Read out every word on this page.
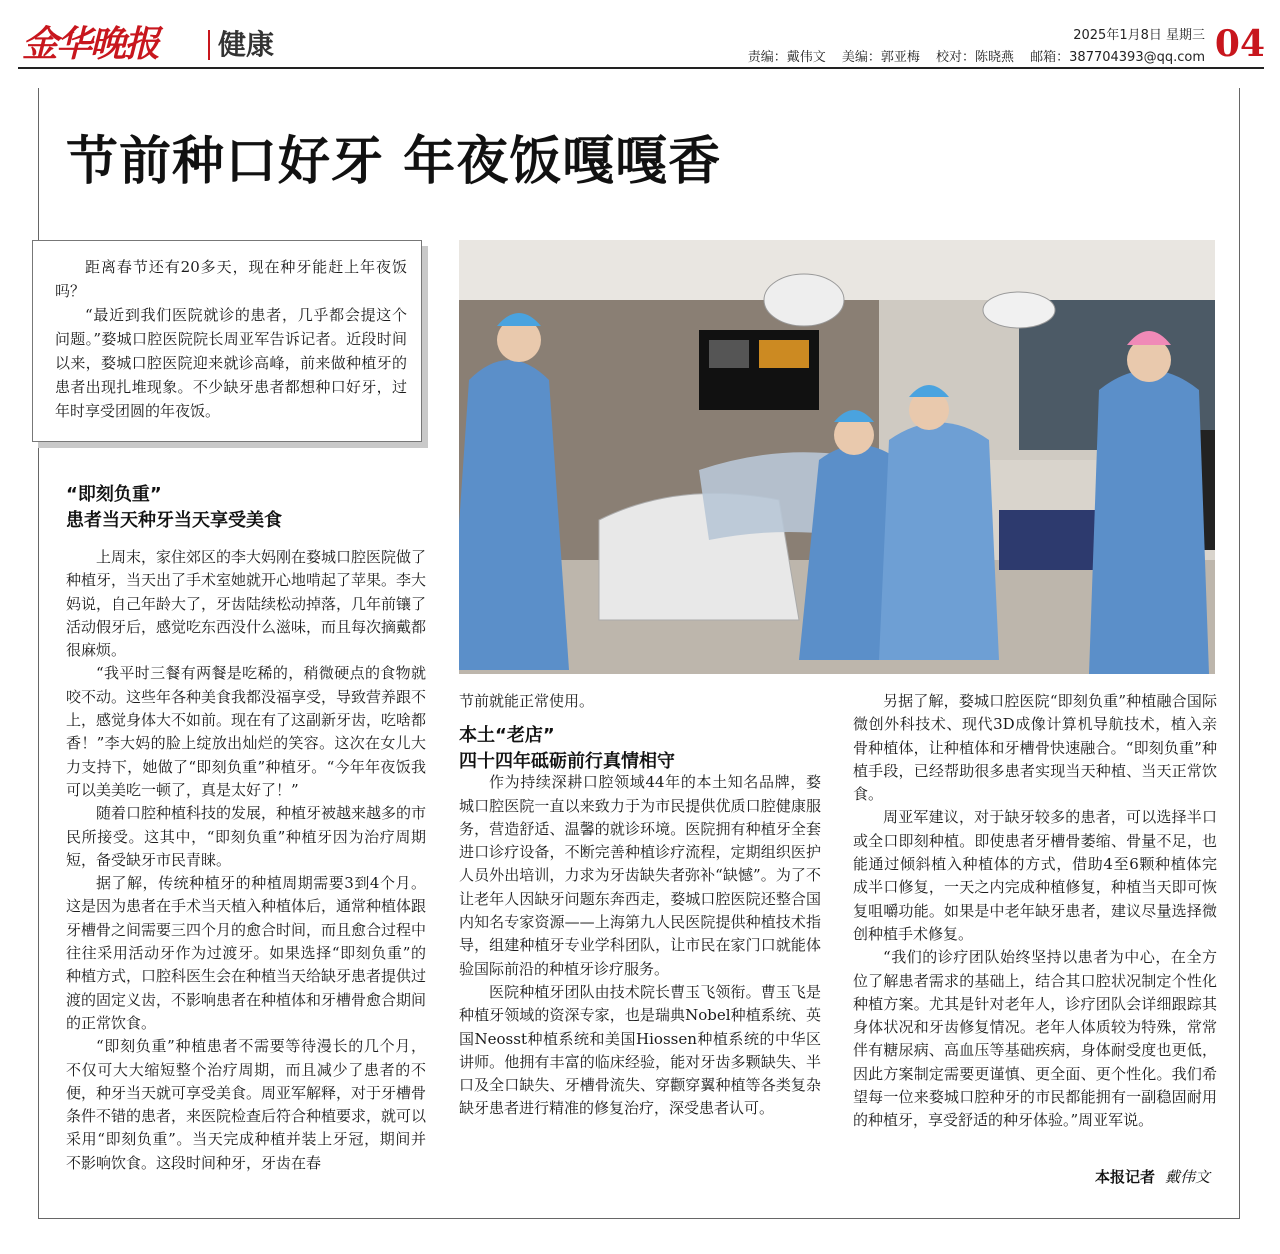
金华晚报 健康	2025年1月8日 星期三
责编：戴伟文 美编：郭亚梅 校对：陈晓燕 邮箱：387704393@qq.com 04
节前种口好牙 年夜饭嘎嘎香

距离春节还有20多天，现在种牙能赶上年夜饭吗？

“最近到我们医院就诊的患者，几乎都会提这个问题。”婺城口腔医院院长周亚军告诉记者。近段时间以来，婺城口腔医院迎来就诊高峰，前来做种植牙的患者出现扎堆现象。不少缺牙患者都想种口好牙，过年时享受团圆的年夜饭。

“即刻负重”
患者当天种牙当天享受美食

上周末，家住郊区的李大妈刚在婺城口腔医院做了种植牙，当天出了手术室她就开心地啃起了苹果。李大妈说，自己年龄大了，牙齿陆续松动掉落，几年前镶了活动假牙后，感觉吃东西没什么滋味，而且每次摘戴都很麻烦。

“我平时三餐有两餐是吃稀的，稍微硬点的食物就咬不动。这些年各种美食我都没福享受，导致营养跟不上，感觉身体大不如前。现在有了这副新牙齿，吃啥都香！”李大妈的脸上绽放出灿烂的笑容。这次在女儿大力支持下，她做了“即刻负重”种植牙。“今年年夜饭我可以美美吃一顿了，真是太好了！”

随着口腔种植科技的发展，种植牙被越来越多的市民所接受。这其中，“即刻负重”种植牙因为治疗周期短，备受缺牙市民青睐。

据了解，传统种植牙的种植周期需要3到4个月。这是因为患者在手术当天植入种植体后，通常种植体跟牙槽骨之间需要三四个月的愈合时间，而且愈合过程中往往采用活动牙作为过渡牙。如果选择“即刻负重”的种植方式，口腔科医生会在种植当天给缺牙患者提供过渡的固定义齿，不影响患者在种植体和牙槽骨愈合期间的正常饮食。

“即刻负重”种植患者不需要等待漫长的几个月，不仅可大大缩短整个治疗周期，而且减少了患者的不便，种牙当天就可享受美食。周亚军解释，对于牙槽骨条件不错的患者，来医院检查后符合种植要求，就可以采用“即刻负重”。当天完成种植并装上牙冠，期间并不影响饮食。这段时间种牙，牙齿在春

节前就能正常使用。

作为持续深耕口腔领域44年的本土知名品牌，婺城口腔医院一直以来致力于为市民提供优质口腔健康服务，营造舒适、温馨的就诊环境。医院拥有种植牙全套进口诊疗设备，不断完善种植诊疗流程，定期组织医护人员外出培训，力求为牙齿缺失者弥补“缺憾”。为了不让老年人因缺牙问题东奔西走，婺城口腔医院还整合国内知名专家资源——上海第九人民医院提供种植技术指导，组建种植牙专业学科团队，让市民在家门口就能体验国际前沿的种植牙诊疗服务。

医院种植牙团队由技术院长曹玉飞领衔。曹玉飞是种植牙领域的资深专家，也是瑞典Nobel种植系统、英国Neosst种植系统和美国Hiossen种植系统的中华区讲师。他拥有丰富的临床经验，能对牙齿多颗缺失、半口及全口缺失、牙槽骨流失、穿颧穿翼种植等各类复杂缺牙患者进行精准的修复治疗，深受患者认可。

本土“老店”
四十四年砥砺前行真情相守

另据了解，婺城口腔医院“即刻负重”种植融合国际微创外科技术、现代3D成像计算机导航技术，植入亲骨种植体，让种植体和牙槽骨快速融合。“即刻负重”种植手段，已经帮助很多患者实现当天种植、当天正常饮食。

周亚军建议，对于缺牙较多的患者，可以选择半口或全口即刻种植。即使患者牙槽骨萎缩、骨量不足，也能通过倾斜植入种植体的方式，借助4至6颗种植体完成半口修复，一天之内完成种植修复，种植当天即可恢复咀嚼功能。如果是中老年缺牙患者，建议尽量选择微创种植手术修复。

“我们的诊疗团队始终坚持以患者为中心，在全方位了解患者需求的基础上，结合其口腔状况制定个性化种植方案。尤其是针对老年人，诊疗团队会详细跟踪其身体状况和牙齿修复情况。老年人体质较为特殊，常常伴有糖尿病、高血压等基础疾病，身体耐受度也更低，因此方案制定需要更谨慎、更全面、更个性化。我们希望每一位来婺城口腔种牙的市民都能拥有一副稳固耐用的种植牙，享受舒适的种牙体验。”周亚军说。

本报记者 戴伟文
